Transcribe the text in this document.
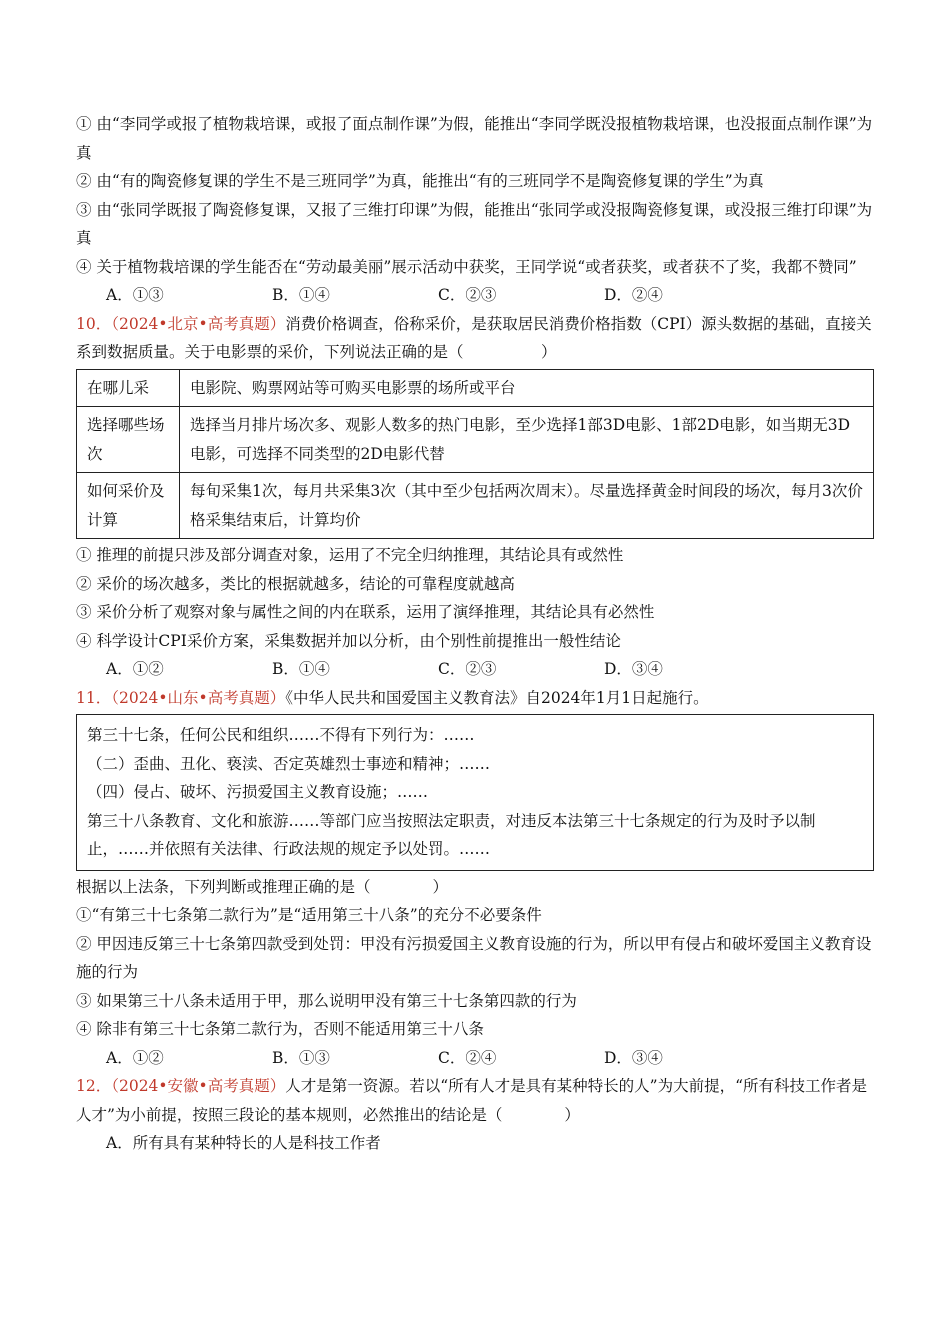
① 由“李同学或报了植物栽培课，或报了面点制作课”为假，能推出“李同学既没报植物栽培课，也没报面点制作课”为真
② 由“有的陶瓷修复课的学生不是三班同学”为真，能推出“有的三班同学不是陶瓷修复课的学生”为真
③ 由“张同学既报了陶瓷修复课，又报了三维打印课”为假，能推出“张同学或没报陶瓷修复课，或没报三维打印课”为真
④ 关于植物栽培课的学生能否在“劳动最美丽”展示活动中获奖，王同学说“或者获奖，或者获不了奖，我都不赞同”
A．①③	B．①④	C．②③	D．②④
10．（2024•北京•高考真题）消费价格调查，俗称采价，是获取居民消费价格指数（CPI）源头数据的基础，直接关系到数据质量。关于电影票的采价，下列说法正确的是（　　　　　）
在哪儿采	电影院、购票网站等可购买电影票的场所或平台
选择哪些场次	选择当月排片场次多、观影人数多的热门电影，至少选择1部3D电影、1部2D电影，如当期无3D电影，可选择不同类型的2D电影代替
如何采价及计算	每旬采集1次，每月共采集3次（其中至少包括两次周末）。尽量选择黄金时间段的场次，每月3次价格采集结束后，计算均价
① 推理的前提只涉及部分调查对象，运用了不完全归纳推理，其结论具有或然性
② 采价的场次越多，类比的根据就越多，结论的可靠程度就越高
③ 采价分析了观察对象与属性之间的内在联系，运用了演绎推理，其结论具有必然性
④ 科学设计CPI采价方案，采集数据并加以分析，由个别性前提推出一般性结论
A．①②	B．①④	C．②③	D．③④
11．（2024•山东•高考真题）《中华人民共和国爱国主义教育法》自2024年1月1日起施行。
第三十七条，任何公民和组织……不得有下列行为：……
（二）歪曲、丑化、亵渎、否定英雄烈士事迹和精神；……
（四）侵占、破坏、污损爱国主义教育设施；……
第三十八条教育、文化和旅游……等部门应当按照法定职责，对违反本法第三十七条规定的行为及时予以制止，……并依照有关法律、行政法规的规定予以处罚。……
根据以上法条，下列判断或推理正确的是（　　　　）
①“有第三十七条第二款行为”是“适用第三十八条”的充分不必要条件
② 甲因违反第三十七条第四款受到处罚：甲没有污损爱国主义教育设施的行为，所以甲有侵占和破坏爱国主义教育设施的行为
③ 如果第三十八条未适用于甲，那么说明甲没有第三十七条第四款的行为
④ 除非有第三十七条第二款行为，否则不能适用第三十八条
A．①②	B．①③	C．②④	D．③④
12．（2024•安徽•高考真题）人才是第一资源。若以“所有人才是具有某种特长的人”为大前提，“所有科技工作者是人才”为小前提，按照三段论的基本规则，必然推出的结论是（　　　　）
A．所有具有某种特长的人是科技工作者
